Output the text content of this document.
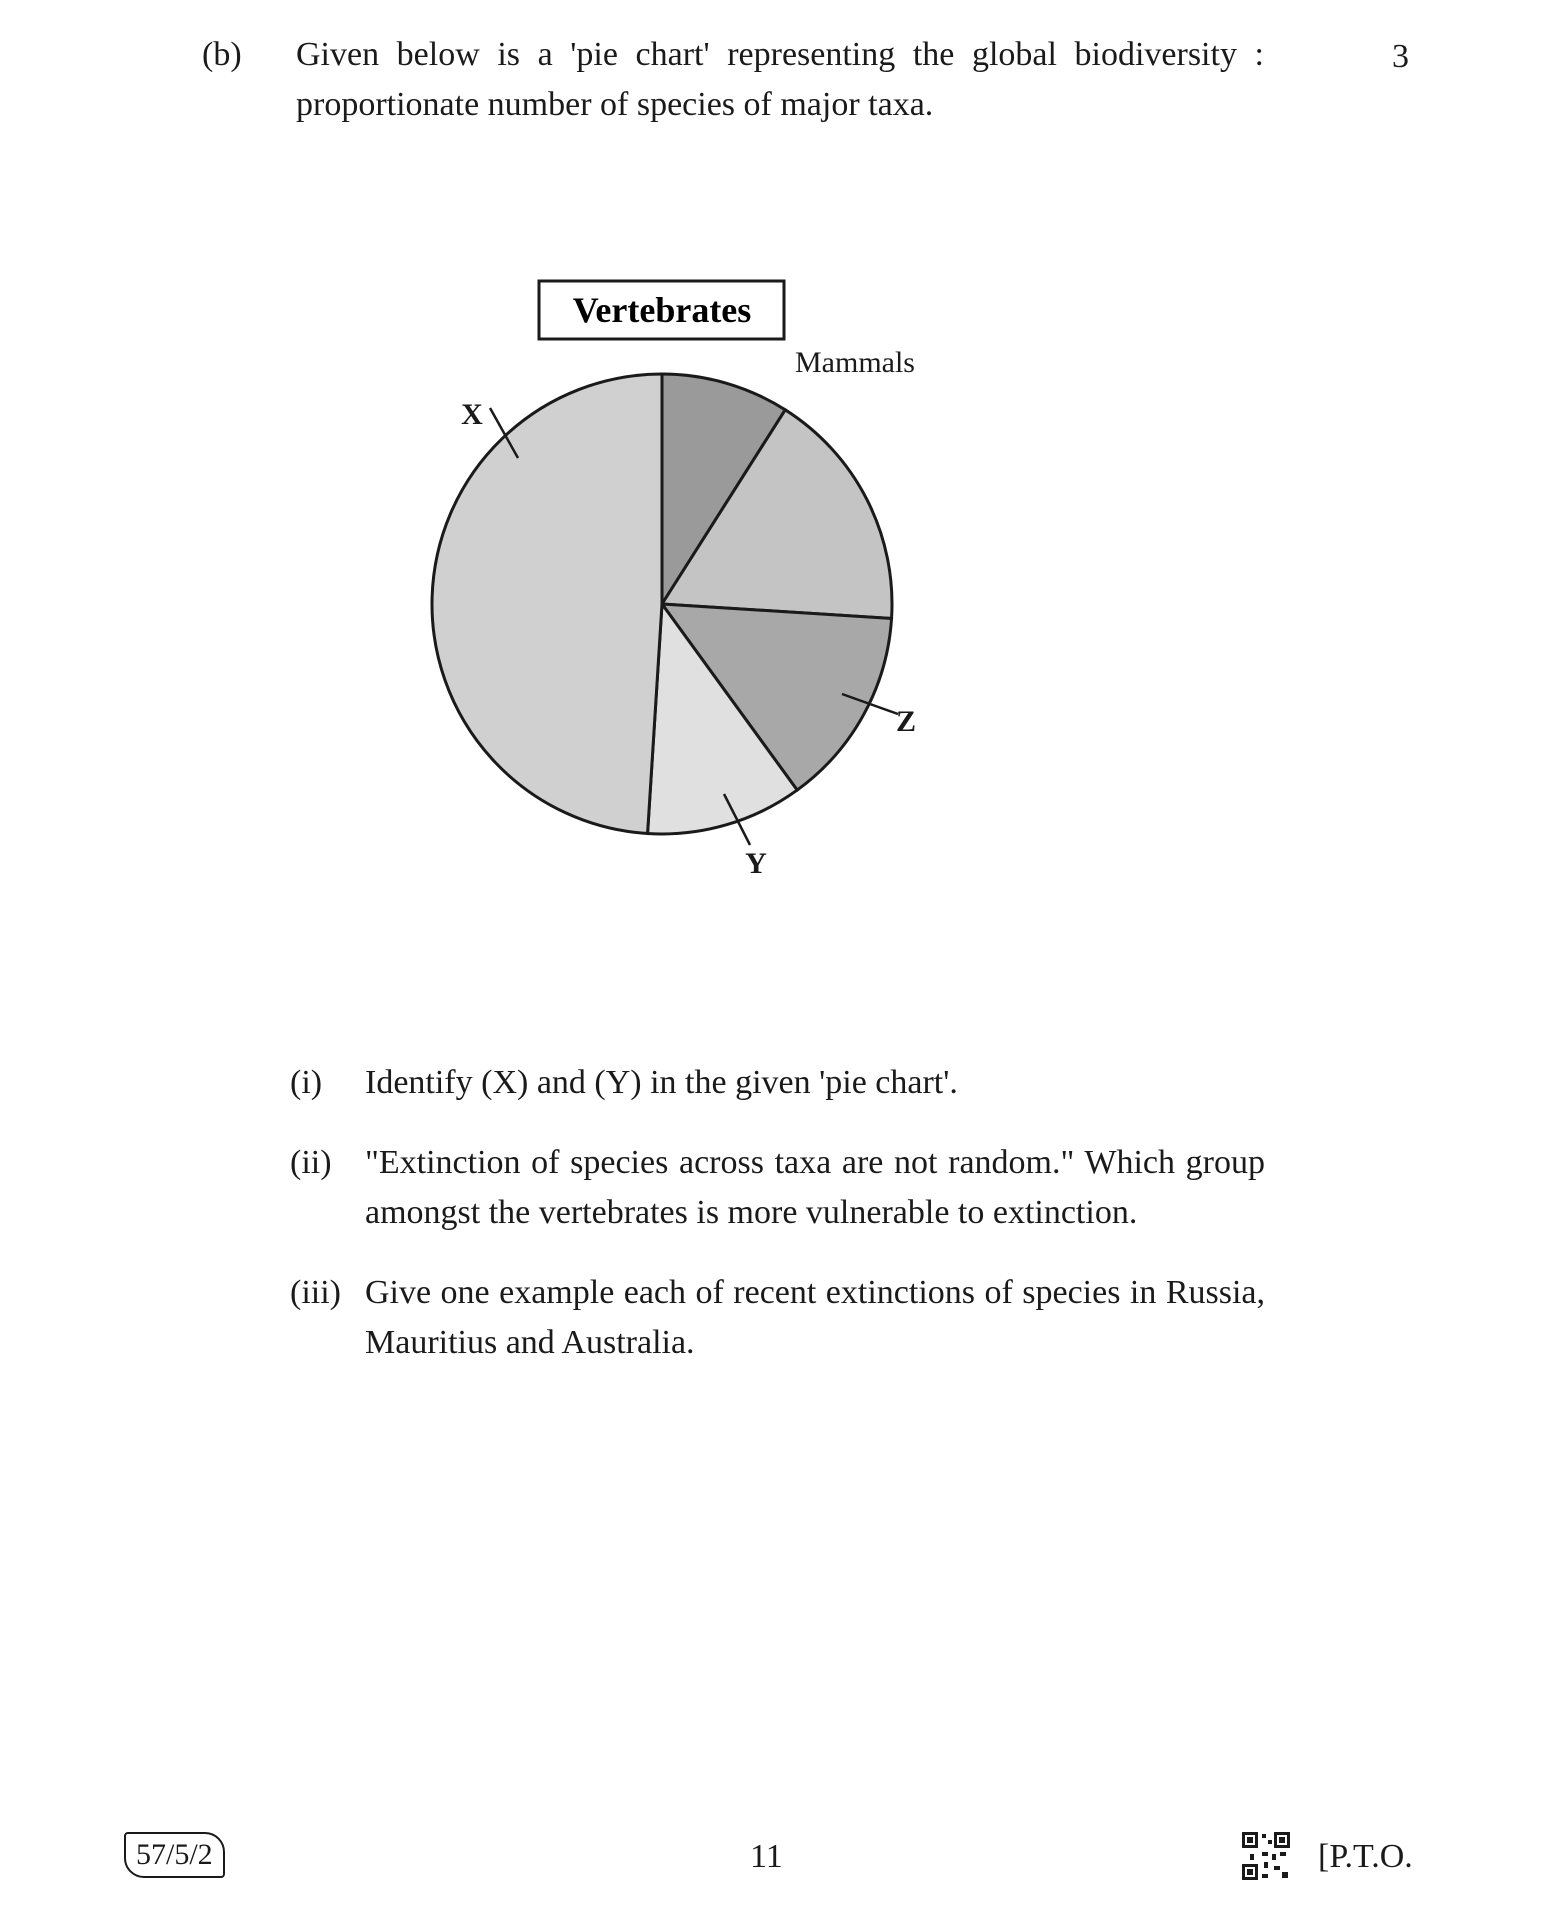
(b) Given below is a 'pie chart' representing the global biodiversity :
proportionate number of species of major taxa.
3
Vertebrates
Mammals
Z
Y
X
(i) Identify (X) and (Y) in the given 'pie chart'.
(ii) "Extinction of species across taxa are not random." Which group
amongst the vertebrates is more vulnerable to extinction.
(iii) Give one example each of recent extinctions of species in Russia,
Mauritius and Australia.
57/5/2	11	[P.T.O.
